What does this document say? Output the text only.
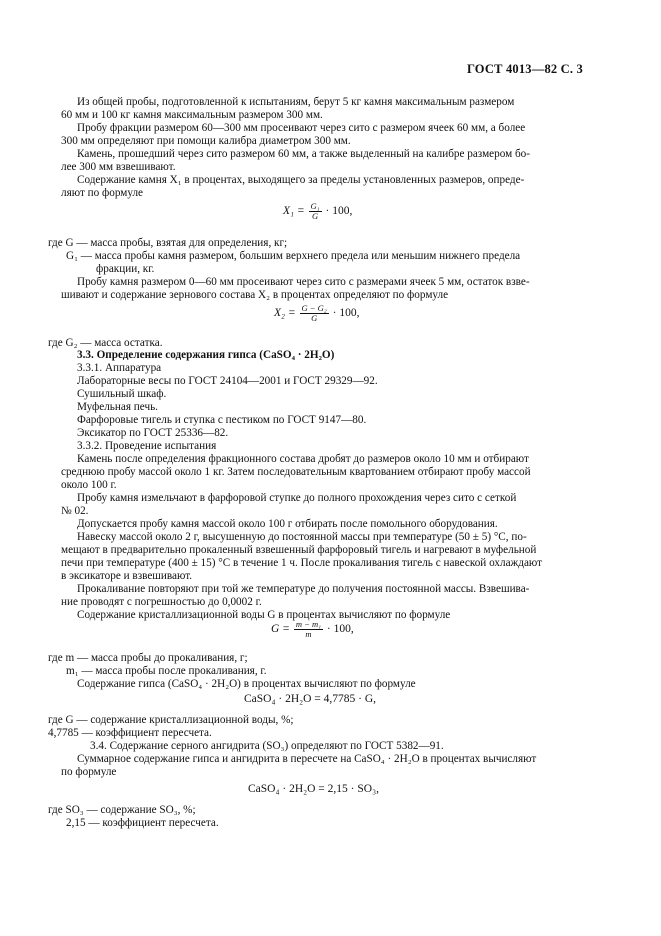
ГОСТ 4013—82 С. 3
Из общей пробы, подготовленной к испытаниям, берут 5 кг камня максимальным размером
60 мм и 100 кг камня максимальным размером 300 мм.
Пробу фракции размером 60—300 мм просеивают через сито с размером ячеек 60 мм, а более
300 мм определяют при помощи калибра диаметром 300 мм.
Камень, прошедший через сито размером 60 мм, а также выделенный на калибре размером бо-
лее 300 мм взвешивают.
Содержание камня X₁ в процентах, выходящего за пределы установленных размеров, опреде-
ляют по формуле
$X_1 = \frac{\text{G₁}}{G} \cdot 100$,
где G — масса пробы, взятая для определения, кг;
G₁ — масса пробы камня размером, большим верхнего предела или меньшим нижнего предела
фракции, кг.
Пробу камня размером 0—60 мм просеивают через сито с размерами ячеек 5 мм, остаток взве-
шивают и содержание зернового состава X₂ в процентах определяют по формуле
$X_2 = \frac{\text{G − G₂}}{G} \cdot 100$,
где G₂ — масса остатка.
3.3. Определение содержания гипса (CaSO₄ · 2H₂O)
3.3.1. Аппаратура
Лабораторные весы по ГОСТ 24104—2001 и ГОСТ 29329—92.
Сушильный шкаф.
Муфельная печь.
Фарфоровые тигель и ступка с пестиком по ГОСТ 9147—80.
Эксикатор по ГОСТ 25336—82.
3.3.2. Проведение испытания
Камень после определения фракционного состава дробят до размеров около 10 мм и отбирают
среднюю пробу массой около 1 кг. Затем последовательным квартованием отбирают пробу массой
около 100 г.
Пробу камня измельчают в фарфоровой ступке до полного прохождения через сито с сеткой
№ 02.
Допускается пробу камня массой около 100 г отбирать после помольного оборудования.
Навеску массой около 2 г, высушенную до постоянной массы при температуре (50 ± 5) °С, по-
мещают в предварительно прокаленный взвешенный фарфоровый тигель и нагревают в муфельной
печи при температуре (400 ± 15) °С в течение 1 ч. После прокаливания тигель с навеской охлаждают
в эксикаторе и взвешивают.
Прокаливание повторяют при той же температуре до получения постоянной массы. Взвешива-
ние проводят с погрешностью до 0,0002 г.
Содержание кристаллизационной воды G в процентах вычисляют по формуле
$G = \frac{\text{m − m₁}}{m} \cdot 100$,
где m — масса пробы до прокаливания, г;
m₁ — масса пробы после прокаливания, г.
Содержание гипса (CaSO₄ · 2H₂O) в процентах вычисляют по формуле
CaSO₄ · 2H₂O = 4,7785 · G,
где G — содержание кристаллизационной воды, %;
4,7785 — коэффициент пересчета.
3.4. Содержание серного ангидрита (SO₃) определяют по ГОСТ 5382—91.
Суммарное содержание гипса и ангидрита в пересчете на CaSO₄ · 2H₂O в процентах вычисляют
по формуле
CaSO₄ · 2H₂O = 2,15 · SO₃,
где SO₃ — содержание SO₃, %;
2,15 — коэффициент пересчета.
